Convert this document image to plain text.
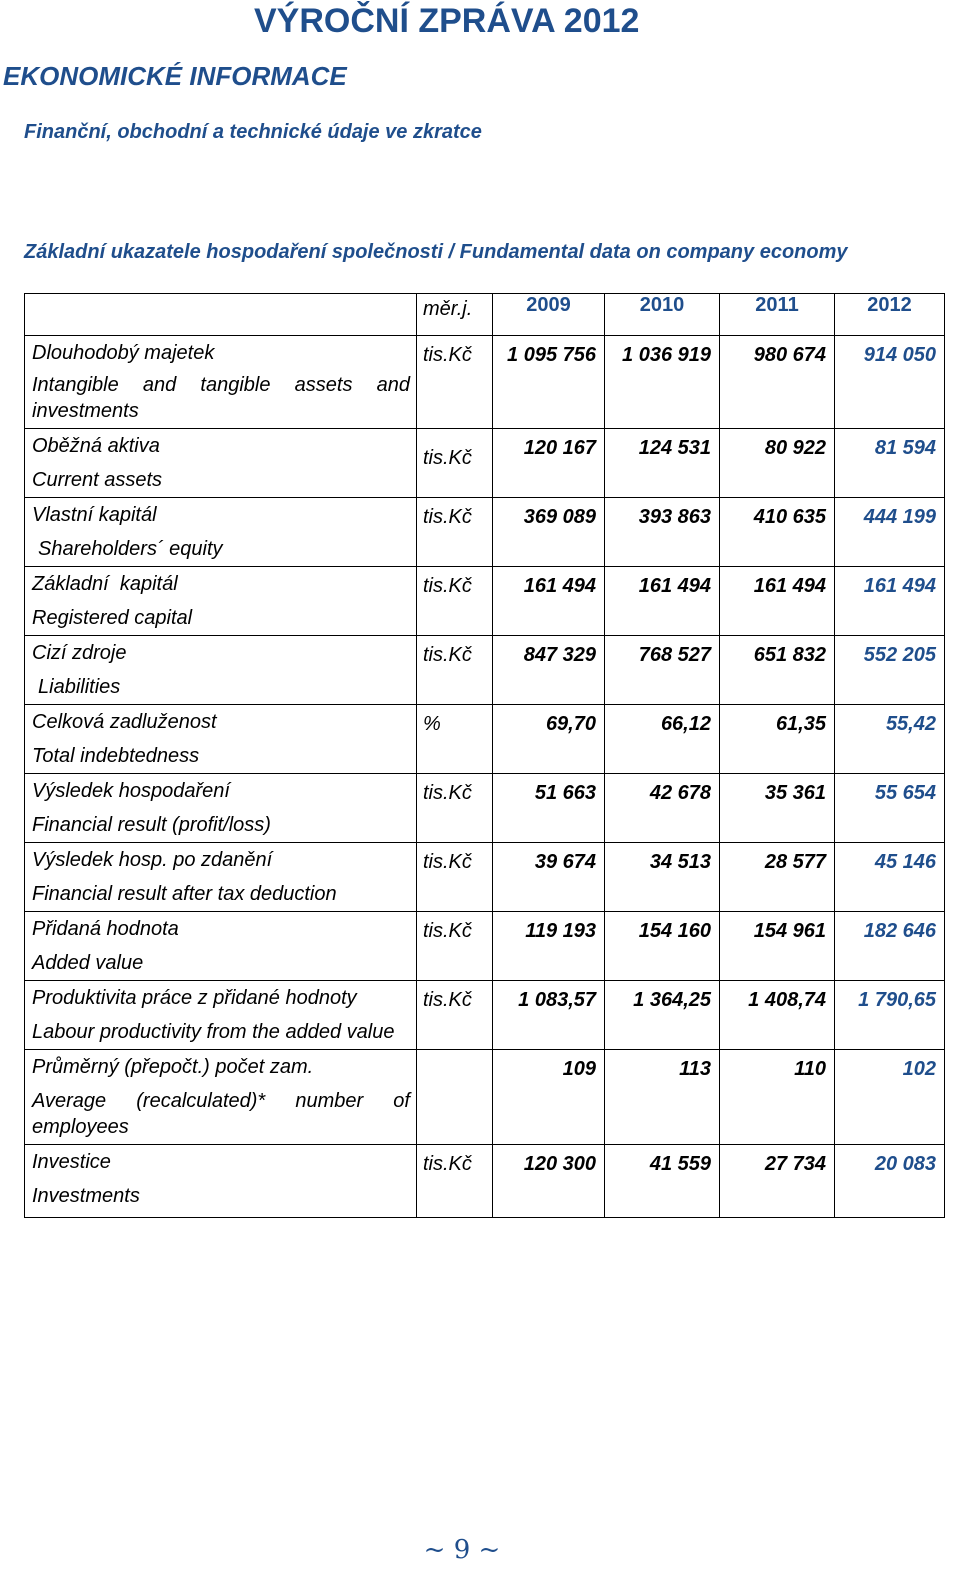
VÝROČNÍ ZPRÁVA 2012
EKONOMICKÉ INFORMACE
Finanční, obchodní a technické údaje ve zkratce
Základní ukazatele hospodaření společnosti / Fundamental data on company economy
	měr.j.	2009	2010	2011	2012

Dlouhodobý majetek
Intangible and tangible assets and investments	tis.Kč	1 095 756	1 036 919	980 674	914 050

Oběžná aktiva
Current assets	tis.Kč	120 167	124 531	80 922	81 594

Vlastní kapitál
Shareholders´ equity	tis.Kč	369 089	393 863	410 635	444 199

Základní  kapitál
Registered capital	tis.Kč	161 494	161 494	161 494	161 494

Cizí zdroje
Liabilities	tis.Kč	847 329	768 527	651 832	552 205

Celková zadluženost
Total indebtedness	%	69,70	66,12	61,35	55,42

Výsledek hospodaření
Financial result (profit/loss)	tis.Kč	51 663	42 678	35 361	55 654

Výsledek hosp. po zdanění
Financial result after tax deduction	tis.Kč	39 674	34 513	28 577	45 146

Přidaná hodnota
Added value	tis.Kč	119 193	154 160	154 961	182 646

Produktivita práce z přidané hodnoty
Labour productivity from the added value	tis.Kč	1 083,57	1 364,25	1 408,74	1 790,65

Průměrný (přepočt.) počet zam.
Average (recalculated)* number of employees		109	113	110	102

Investice
Investments	tis.Kč	120 300	41 559	27 734	20 083
~ 9 ~
